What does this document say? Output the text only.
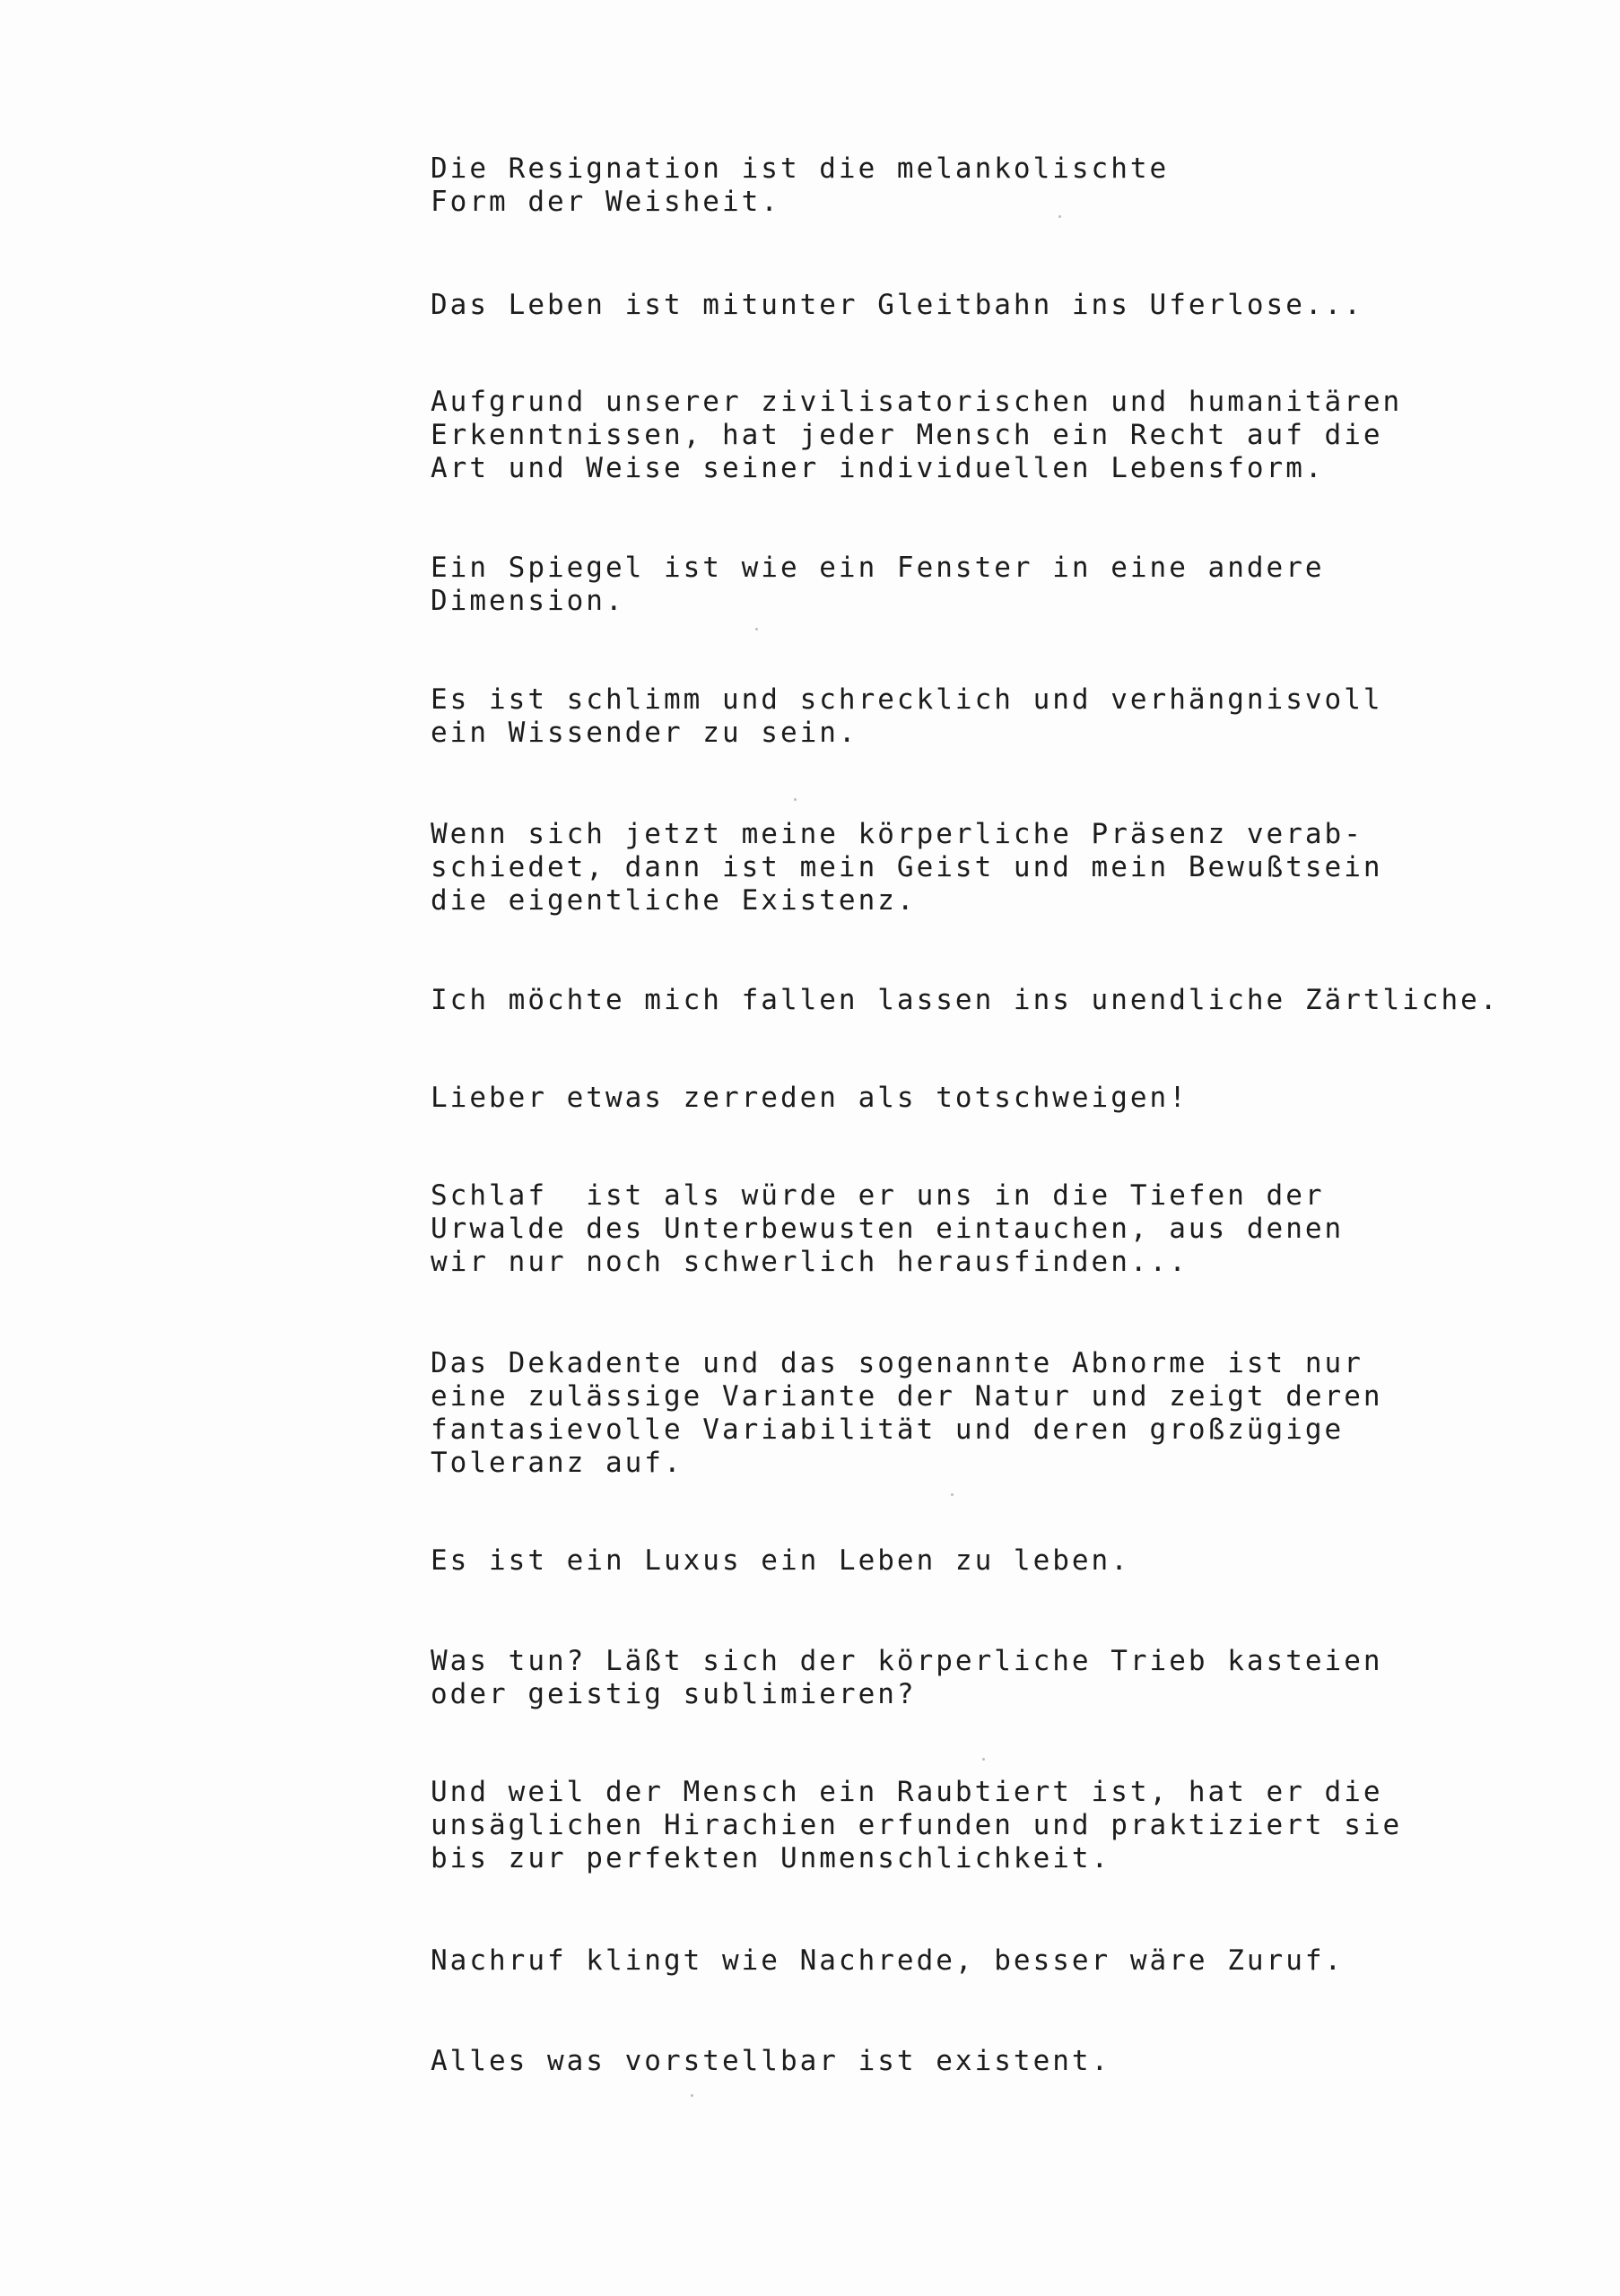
Die Resignation ist die melankolischte
Form der Weisheit.

Das Leben ist mitunter Gleitbahn ins Uferlose...

Aufgrund unserer zivilisatorischen und humanitären
Erkenntnissen, hat jeder Mensch ein Recht auf die
Art und Weise seiner individuellen Lebensform.

Ein Spiegel ist wie ein Fenster in eine andere
Dimension.

Es ist schlimm und schrecklich und verhängnisvoll
ein Wissender zu sein.

Wenn sich jetzt meine körperliche Präsenz verab-
schiedet, dann ist mein Geist und mein Bewußtsein
die eigentliche Existenz.

Ich möchte mich fallen lassen ins unendliche Zärtliche.

Lieber etwas zerreden als totschweigen!

Schlaf  ist als würde er uns in die Tiefen der
Urwalde des Unterbewusten eintauchen, aus denen
wir nur noch schwerlich herausfinden...

Das Dekadente und das sogenannte Abnorme ist nur
eine zulässige Variante der Natur und zeigt deren
fantasievolle Variabilität und deren großzügige
Toleranz auf.

Es ist ein Luxus ein Leben zu leben.

Was tun? Läßt sich der körperliche Trieb kasteien
oder geistig sublimieren?

Und weil der Mensch ein Raubtiert ist, hat er die
unsäglichen Hirachien erfunden und praktiziert sie
bis zur perfekten Unmenschlichkeit.

Nachruf klingt wie Nachrede, besser wäre Zuruf.

Alles was vorstellbar ist existent.
